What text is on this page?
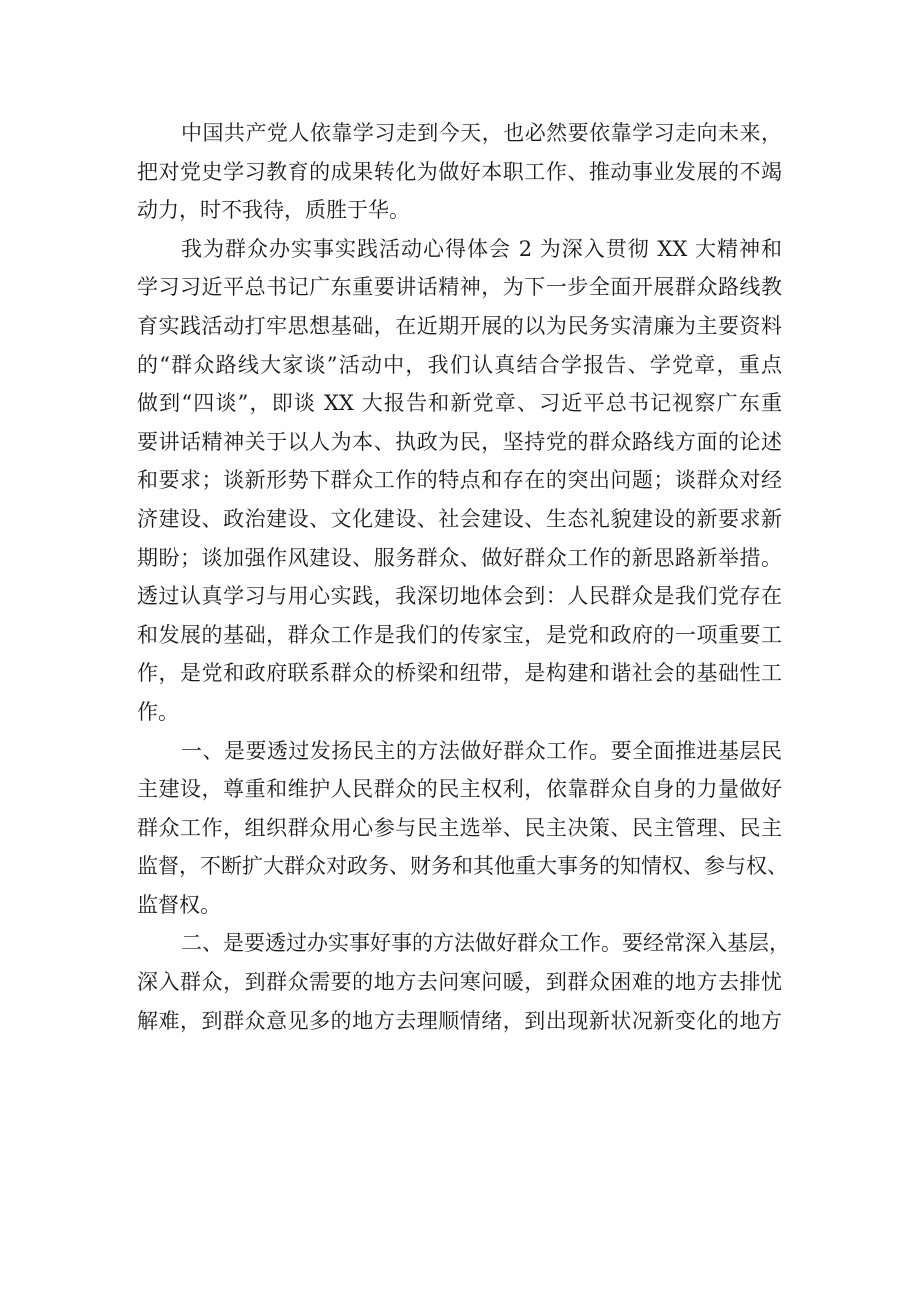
中国共产党人依靠学习走到今天，也必然要依靠学习走向未来，
把对党史学习教育的成果转化为做好本职工作、推动事业发展的不竭
动力，时不我待，质胜于华。

我为群众办实事实践活动心得体会 2 为深入贯彻 XX 大精神和
学习习近平总书记广东重要讲话精神，为下一步全面开展群众路线教
育实践活动打牢思想基础，在近期开展的以为民务实清廉为主要资料
的“群众路线大家谈”活动中，我们认真结合学报告、学党章，重点
做到“四谈”，即谈 XX 大报告和新党章、习近平总书记视察广东重
要讲话精神关于以人为本、执政为民，坚持党的群众路线方面的论述
和要求；谈新形势下群众工作的特点和存在的突出问题；谈群众对经
济建设、政治建设、文化建设、社会建设、生态礼貌建设的新要求新
期盼；谈加强作风建设、服务群众、做好群众工作的新思路新举措。
透过认真学习与用心实践，我深切地体会到：人民群众是我们党存在
和发展的基础，群众工作是我们的传家宝，是党和政府的一项重要工
作，是党和政府联系群众的桥梁和纽带，是构建和谐社会的基础性工
作。

一、是要透过发扬民主的方法做好群众工作。要全面推进基层民
主建设，尊重和维护人民群众的民主权利，依靠群众自身的力量做好
群众工作，组织群众用心参与民主选举、民主决策、民主管理、民主
监督，不断扩大群众对政务、财务和其他重大事务的知情权、参与权、
监督权。

二、是要透过办实事好事的方法做好群众工作。要经常深入基层，
深入群众，到群众需要的地方去问寒问暖，到群众困难的地方去排忧
解难，到群众意见多的地方去理顺情绪，到出现新状况新变化的地方
